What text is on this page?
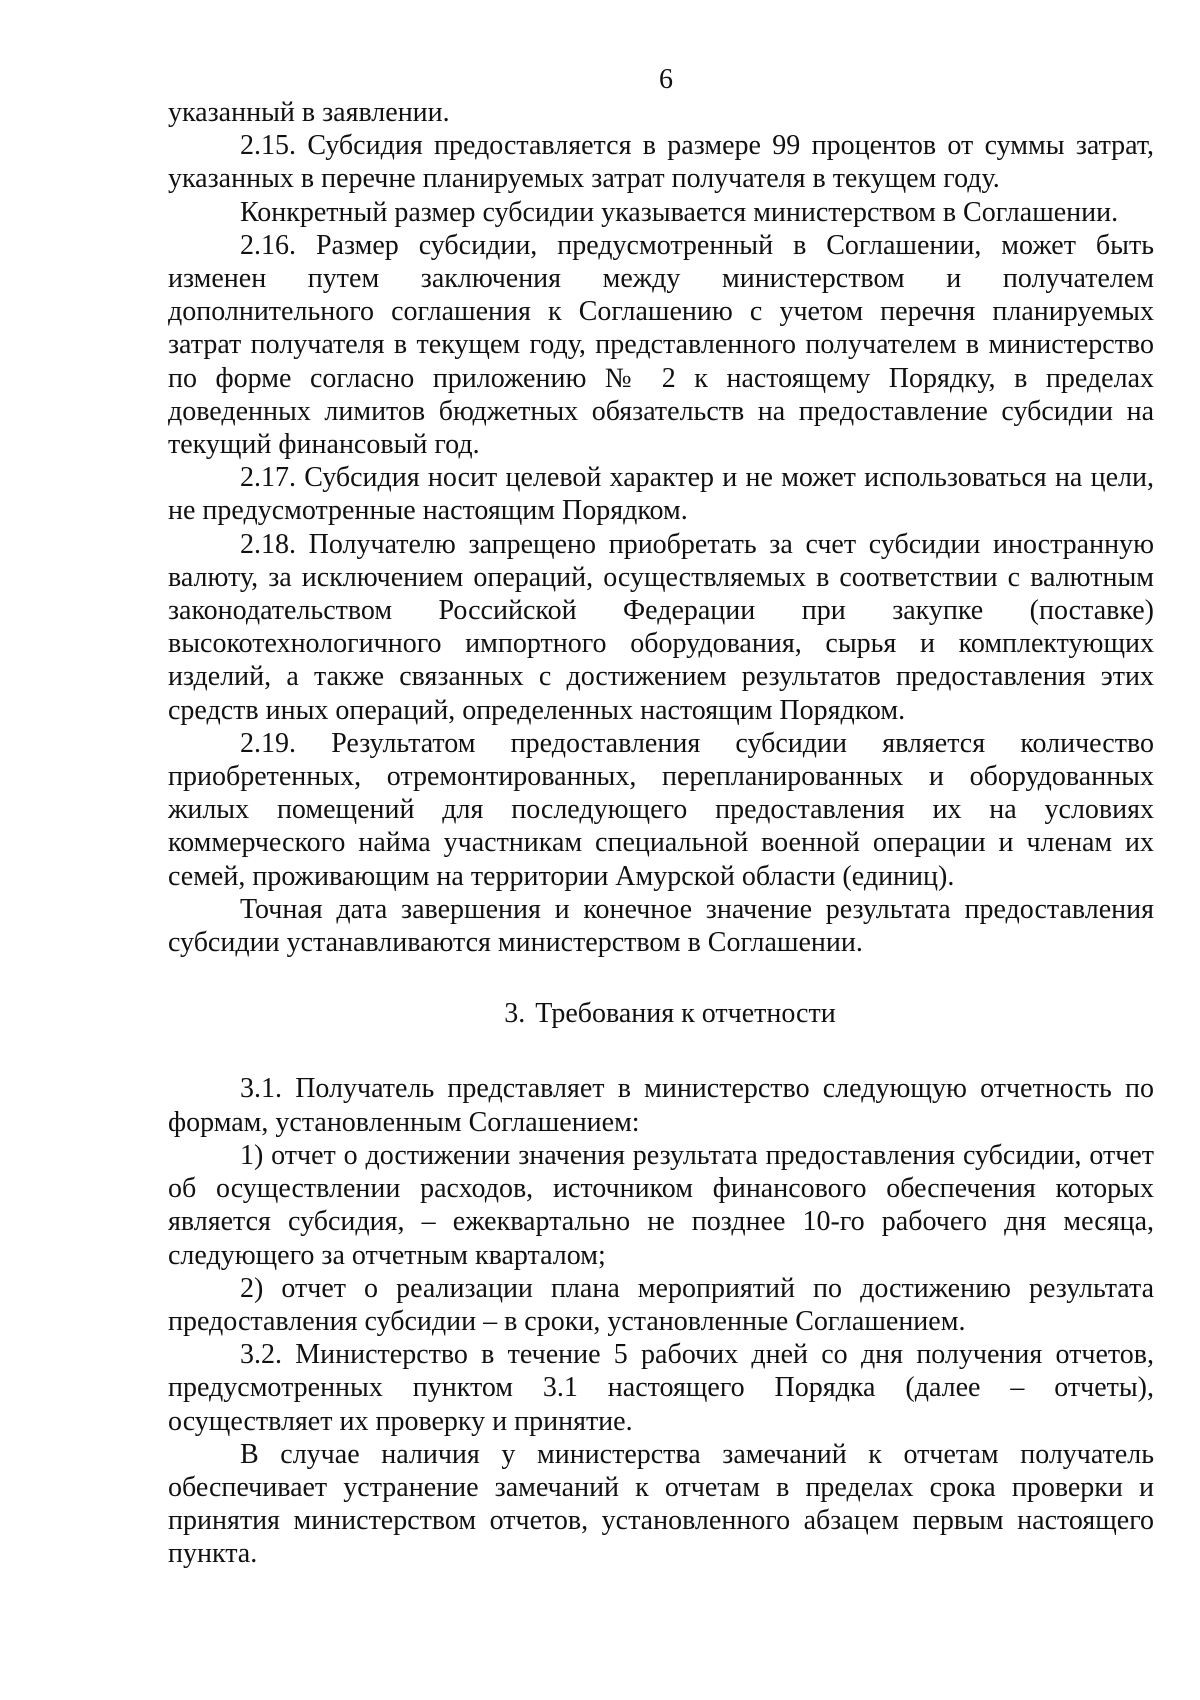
6

указанный в заявлении.

2.15. Субсидия предоставляется в размере 99 процентов от суммы затрат, указанных в перечне планируемых затрат получателя в текущем году.

Конкретный размер субсидии указывается министерством в Соглашении.

2.16. Размер субсидии, предусмотренный в Соглашении, может быть изменен путем заключения между министерством и получателем дополнительного соглашения к Соглашению с учетом перечня планируемых затрат получателя в текущем году, представленного получателем в министерство по форме согласно приложению № 2 к настоящему Порядку, в пределах доведенных лимитов бюджетных обязательств на предоставление субсидии на текущий финансовый год.

2.17. Субсидия носит целевой характер и не может использоваться на цели, не предусмотренные настоящим Порядком.

2.18. Получателю запрещено приобретать за счет субсидии иностранную валюту, за исключением операций, осуществляемых в соответствии с валютным законодательством Российской Федерации при закупке (поставке) высокотехнологичного импортного оборудования, сырья и комплектующих изделий, а также связанных с достижением результатов предоставления этих средств иных операций, определенных настоящим Порядком.

2.19. Результатом предоставления субсидии является количество приобретенных, отремонтированных, перепланированных и оборудованных жилых помещений для последующего предоставления их на условиях коммерческого найма участникам специальной военной операции и членам их семей, проживающим на территории Амурской области (единиц).

Точная дата завершения и конечное значение результата предоставления субсидии устанавливаются министерством в Соглашении.

3. Требования к отчетности

3.1. Получатель представляет в министерство следующую отчетность по формам, установленным Соглашением:

1) отчет о достижении значения результата предоставления субсидии, отчет об осуществлении расходов, источником финансового обеспечения которых является субсидия, – ежеквартально не позднее 10-го рабочего дня месяца, следующего за отчетным кварталом;

2) отчет о реализации плана мероприятий по достижению результата предоставления субсидии – в сроки, установленные Соглашением.

3.2. Министерство в течение 5 рабочих дней со дня получения отчетов, предусмотренных пунктом 3.1 настоящего Порядка (далее – отчеты), осуществляет их проверку и принятие.

В случае наличия у министерства замечаний к отчетам получатель обеспечивает устранение замечаний к отчетам в пределах срока проверки и принятия министерством отчетов, установленного абзацем первым настоящего пункта.
